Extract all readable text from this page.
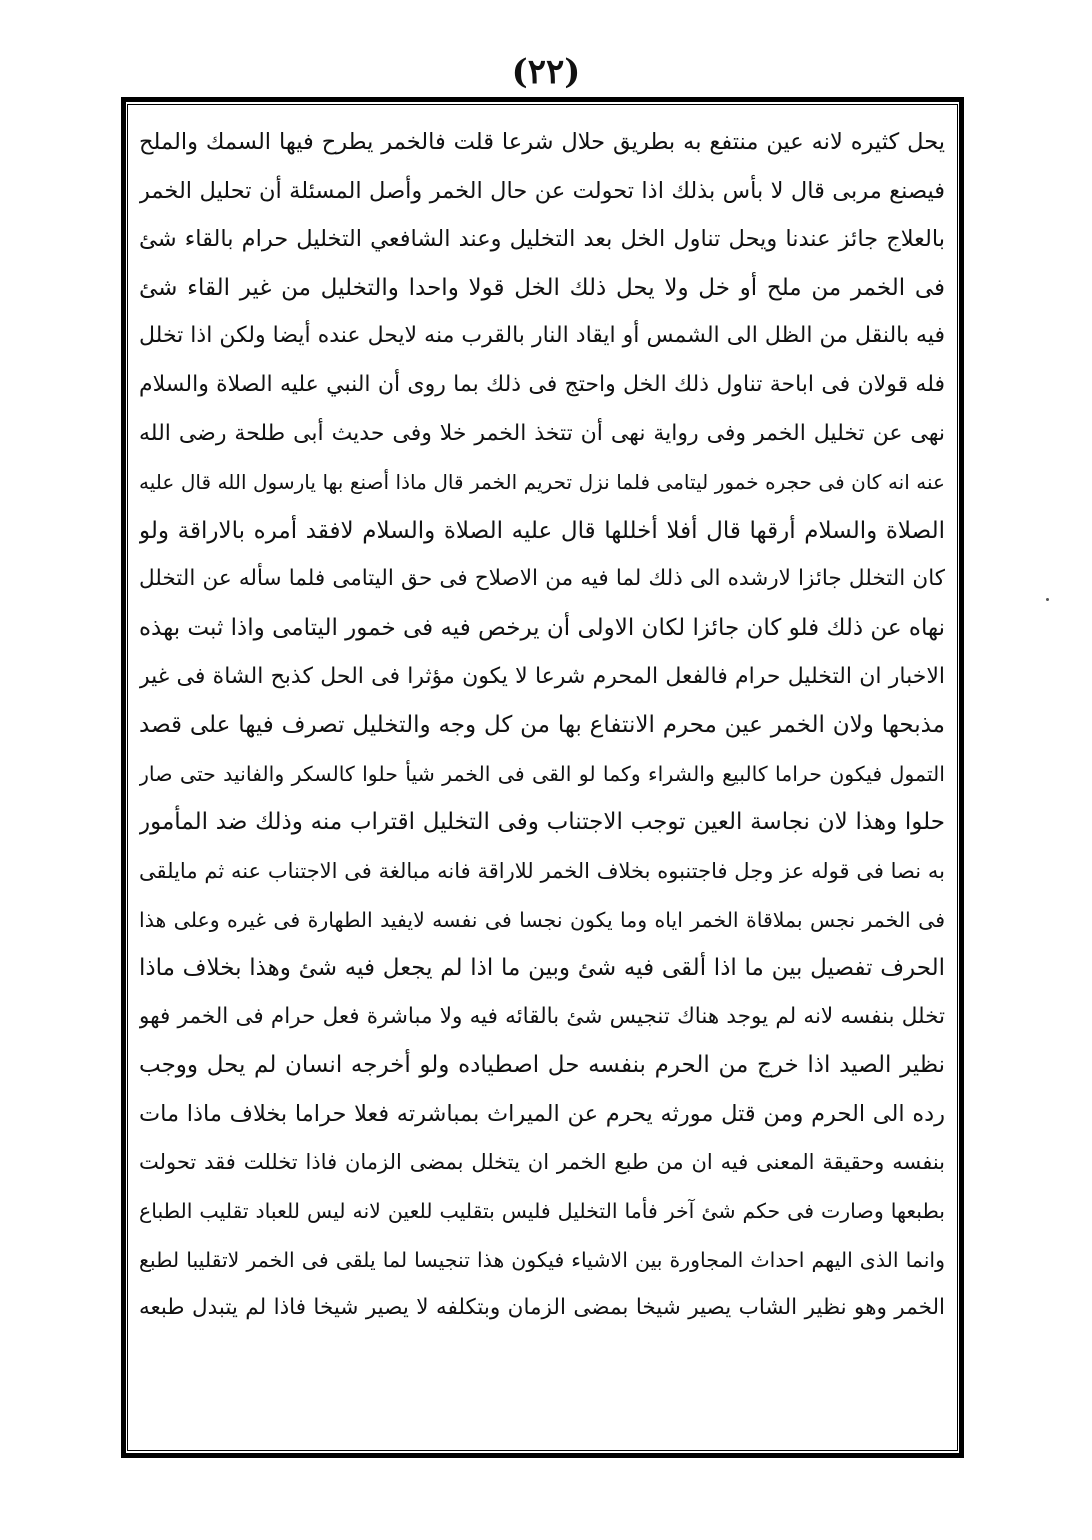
(٢٢)
يحل كثيره لانه عين منتفع به بطريق حلال شرعا قلت فالخمر يطرح فيها السمك والملح
فيصنع مربى قال لا بأس بذلك اذا تحولت عن حال الخمر وأصل المسئلة أن تحليل الخمر
بالعلاج جائز عندنا ويحل تناول الخل بعد التخليل وعند الشافعي التخليل حرام بالقاء شئ
فى الخمر من ملح أو خل ولا يحل ذلك الخل قولا واحدا والتخليل من غير القاء شئ
فيه بالنقل من الظل الى الشمس أو ايقاد النار بالقرب منه لايحل عنده أيضا ولكن اذا تخلل
فله قولان فى اباحة تناول ذلك الخل واحتج فى ذلك بما روى أن النبي عليه الصلاة والسلام
نهى عن تخليل الخمر وفى رواية نهى أن تتخذ الخمر خلا وفى حديث أبى طلحة رضى الله
عنه انه كان فى حجره خمور ليتامى فلما نزل تحريم الخمر قال ماذا أصنع بها يارسول الله قال عليه
الصلاة والسلام أرقها قال أفلا أخللها قال عليه الصلاة والسلام لافقد أمره بالاراقة ولو
كان التخلل جائزا لارشده الى ذلك لما فيه من الاصلاح فى حق اليتامى فلما سأله عن التخلل
نهاه عن ذلك فلو كان جائزا لكان الاولى أن يرخص فيه فى خمور اليتامى واذا ثبت بهذه
الاخبار ان التخليل حرام فالفعل المحرم شرعا لا يكون مؤثرا فى الحل كذبح الشاة فى غير
مذبحها ولان الخمر عين محرم الانتفاع بها من كل وجه والتخليل تصرف فيها على قصد
التمول فيكون حراما كالبيع والشراء وكما لو القى فى الخمر شيأ حلوا كالسكر والفانيد حتى صار
حلوا وهذا لان نجاسة العين توجب الاجتناب وفى التخليل اقتراب منه وذلك ضد المأمور
به نصا فى قوله عز وجل فاجتنبوه بخلاف الخمر للاراقة فانه مبالغة فى الاجتناب عنه ثم مايلقى
فى الخمر نجس بملاقاة الخمر اياه وما يكون نجسا فى نفسه لايفيد الطهارة فى غيره وعلى هذا
الحرف تفصيل بين ما اذا ألقى فيه شئ وبين ما اذا لم يجعل فيه شئ وهذا بخلاف ماذا
تخلل بنفسه لانه لم يوجد هناك تنجيس شئ بالقائه فيه ولا مباشرة فعل حرام فى الخمر فهو
نظير الصيد اذا خرج من الحرم بنفسه حل اصطياده ولو أخرجه انسان لم يحل ووجب
رده الى الحرم ومن قتل مورثه يحرم عن الميراث بمباشرته فعلا حراما بخلاف ماذا مات
بنفسه وحقيقة المعنى فيه ان من طبع الخمر ان يتخلل بمضى الزمان فاذا تخللت فقد تحولت
بطبعها وصارت فى حكم شئ آخر فأما التخليل فليس بتقليب للعين لانه ليس للعباد تقليب الطباع
وانما الذى اليهم احداث المجاورة بين الاشياء فيكون هذا تنجيسا لما يلقى فى الخمر لاتقليبا لطبع
الخمر وهو نظير الشاب يصير شيخا بمضى الزمان وبتكلفه لا يصير شيخا فاذا لم يتبدل طبعه
